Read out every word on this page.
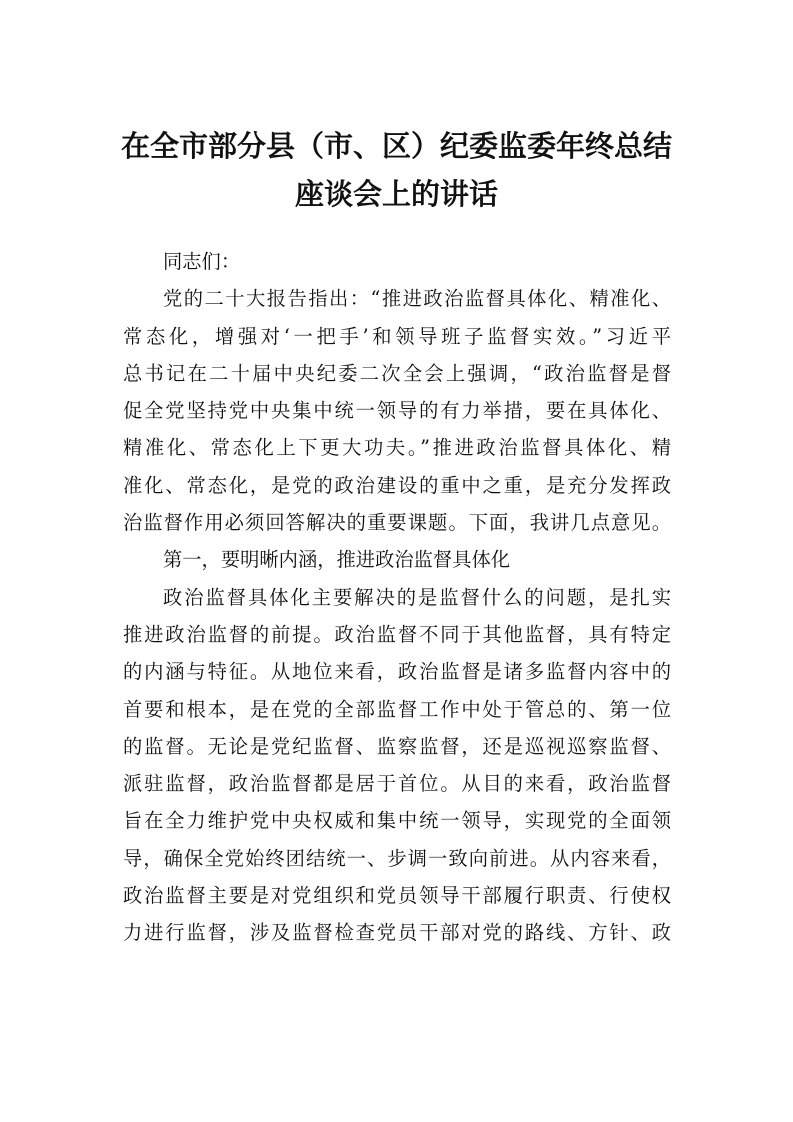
在全市部分县（市、区）纪委监委年终总结
座谈会上的讲话
同志们：
党的二十大报告指出：“推进政治监督具体化、精准化、
常态化，增强对‘一把手’和领导班子监督实效。”习近平
总书记在二十届中央纪委二次全会上强调，“政治监督是督
促全党坚持党中央集中统一领导的有力举措，要在具体化、
精准化、常态化上下更大功夫。”推进政治监督具体化、精
准化、常态化，是党的政治建设的重中之重，是充分发挥政
治监督作用必须回答解决的重要课题。下面，我讲几点意见。
第一，要明晰内涵，推进政治监督具体化
政治监督具体化主要解决的是监督什么的问题，是扎实
推进政治监督的前提。政治监督不同于其他监督，具有特定
的内涵与特征。从地位来看，政治监督是诸多监督内容中的
首要和根本，是在党的全部监督工作中处于管总的、第一位
的监督。无论是党纪监督、监察监督，还是巡视巡察监督、
派驻监督，政治监督都是居于首位。从目的来看，政治监督
旨在全力维护党中央权威和集中统一领导，实现党的全面领
导，确保全党始终团结统一、步调一致向前进。从内容来看，
政治监督主要是对党组织和党员领导干部履行职责、行使权
力进行监督，涉及监督检查党员干部对党的路线、方针、政
